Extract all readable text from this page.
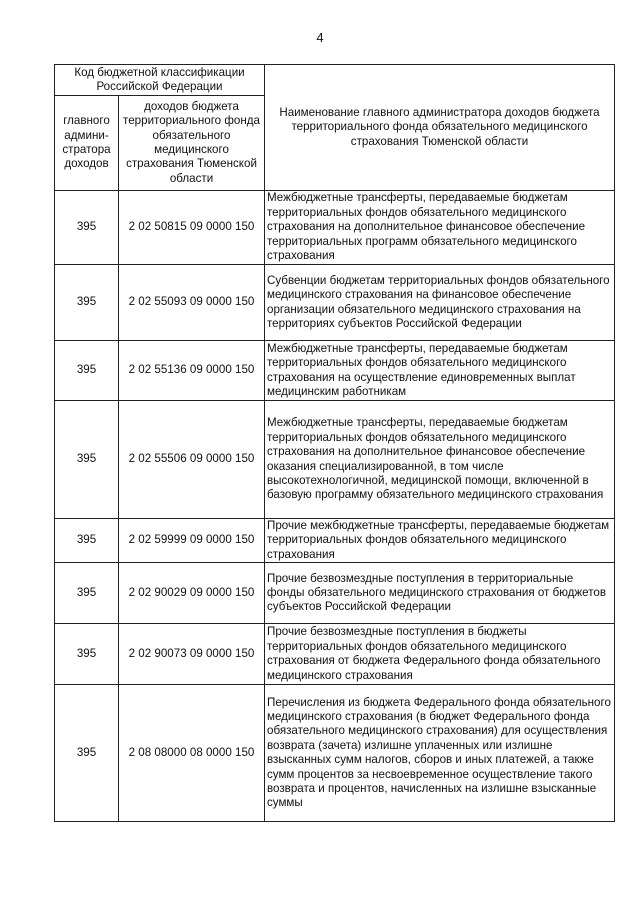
4
Код бюджетной классификации Российской Федерации		Наименование главного администратора доходов бюджета территориального фонда обязательного медицинского страхования Тюменской области
главного админи-стратора доходов	доходов бюджета территориального фонда обязательного медицинского страхования Тюменской области	
395	2 02 50815 09 0000 150	Межбюджетные трансферты, передаваемые бюджетам территориальных фондов обязательного медицинского страхования на дополнительное финансовое обеспечение территориальных программ обязательного медицинского страхования
395	2 02 55093 09 0000 150	Субвенции бюджетам территориальных фондов обязательного медицинского страхования на финансовое обеспечение организации обязательного медицинского страхования на территориях субъектов Российской Федерации
395	2 02 55136 09 0000 150	Межбюджетные трансферты, передаваемые бюджетам территориальных фондов обязательного медицинского страхования на осуществление единовременных выплат медицинским работникам
395	2 02 55506 09 0000 150	Межбюджетные трансферты, передаваемые бюджетам территориальных фондов обязательного медицинского страхования на дополнительное финансовое обеспечение оказания специализированной, в том числе высокотехнологичной, медицинской помощи, включенной в базовую программу обязательного медицинского страхования
395	2 02 59999 09 0000 150	Прочие межбюджетные трансферты, передаваемые бюджетам территориальных фондов обязательного медицинского страхования
395	2 02 90029 09 0000 150	Прочие безвозмездные поступления в территориальные фонды обязательного медицинского страхования от бюджетов субъектов Российской Федерации
395	2 02 90073 09 0000 150	Прочие безвозмездные поступления в бюджеты территориальных фондов обязательного медицинского страхования от бюджета Федерального фонда обязательного медицинского страхования
395	2 08 08000 08 0000 150	Перечисления из бюджета Федерального фонда обязательного медицинского страхования (в бюджет Федерального фонда обязательного медицинского страхования) для осуществления возврата (зачета) излишне уплаченных или излишне взысканных сумм налогов, сборов и иных платежей, а также сумм процентов за несвоевременное осуществление такого возврата и процентов, начисленных на излишне взысканные суммы
